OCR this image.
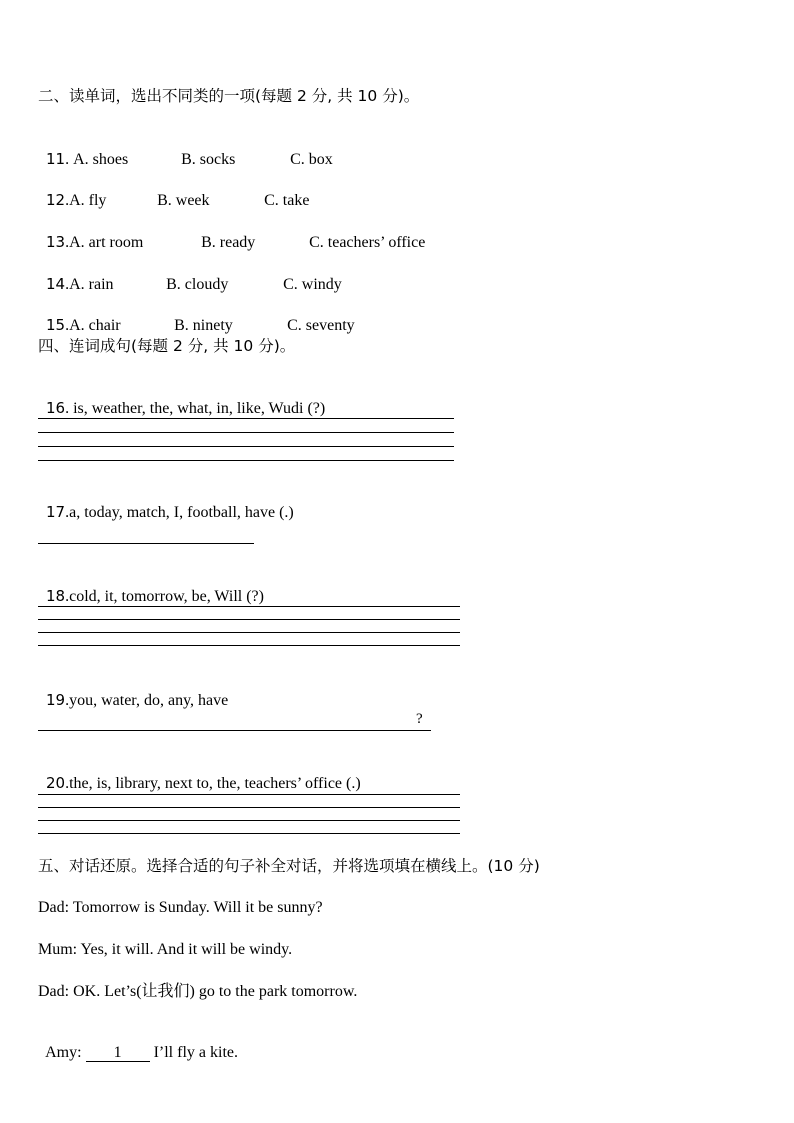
二、读单词，选出不同类的一项(每题 2 分, 共 10 分)。

11. A. shoes	B. socks	C. box

12.A. fly	B. week	C. take

13.A. art room	B. ready	C. teachers’ office

14.A. rain	B. cloudy	C. windy

15.A. chair	B. ninety	C. seventy

四、连词成句(每题 2 分, 共 10 分)。

16. is, weather, the, what, in, like, Wudi (?)

17.a, today, match, I, football, have (.)

18.cold, it, tomorrow, be, Will (?)

19.you, water, do, any, have

?

20.the, is, library, next to, the, teachers’ office (.)

五、对话还原。选择合适的句子补全对话，并将选项填在横线上。(10 分)
Dad: Tomorrow is Sunday. Will it be sunny?
Mum: Yes, it will. And it will be windy.
Dad: OK. Let’s(让我们) go to the park tomorrow.

Amy: 1 I’ll fly a kite.
